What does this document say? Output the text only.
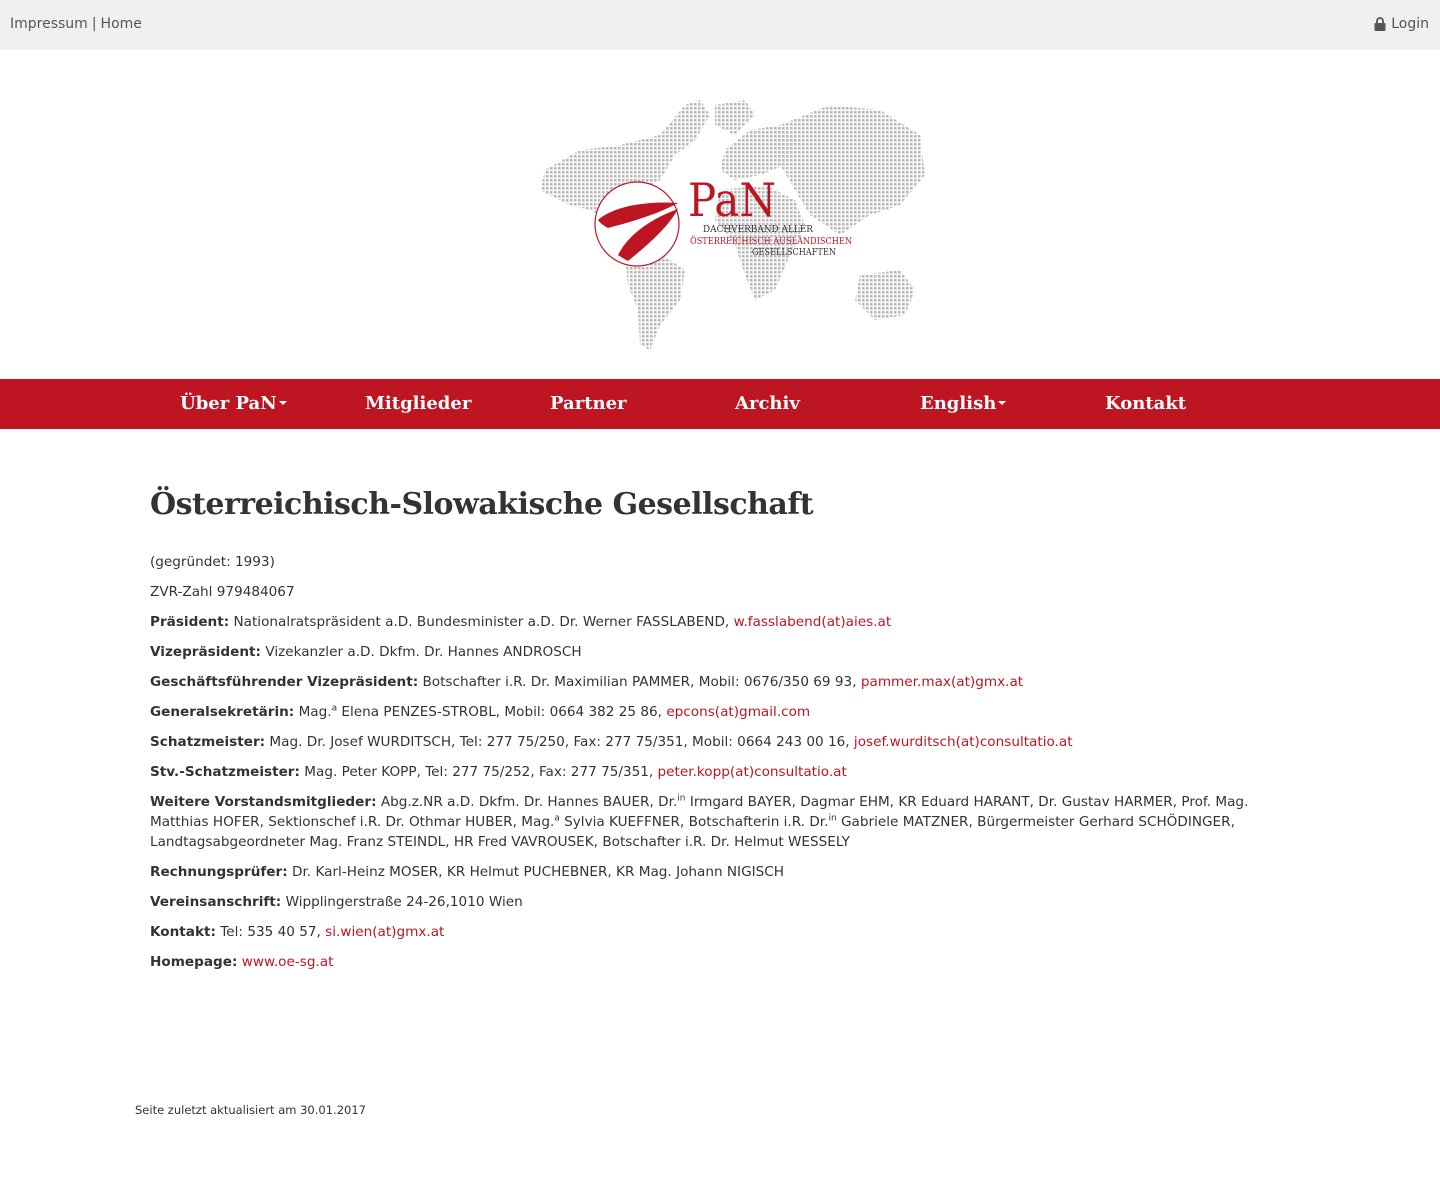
Impressum | Home	Login
PaN
DACHVERBAND ALLER
ÖSTERREICHISCH AUSLÄNDISCHEN
GESELLSCHAFTEN
Über PaN	Mitglieder	Partner	Archiv	English	Kontakt
Österreichisch-Slowakische Gesellschaft

(gegründet: 1993)

ZVR-Zahl 979484067

Präsident: Nationalratspräsident a.D. Bundesminister a.D. Dr. Werner FASSLABEND, w.fasslabend(at)aies.at

Vizepräsident: Vizekanzler a.D. Dkfm. Dr. Hannes ANDROSCH

Geschäftsführender Vizepräsident: Botschafter i.R. Dr. Maximilian PAMMER, Mobil: 0676/350 69 93, pammer.max(at)gmx.at

Generalsekretärin: Mag.$^a$ Elena PENZES-STROBL, Mobil: 0664 382 25 86, epcons(at)gmail.com

Schatzmeister: Mag. Dr. Josef WURDITSCH, Tel: 277 75/250, Fax: 277 75/351, Mobil: 0664 243 00 16, josef.wurditsch(at)consultatio.at

Stv.-Schatzmeister: Mag. Peter KOPP, Tel: 277 75/252, Fax: 277 75/351, peter.kopp(at)consultatio.at

Weitere Vorstandsmitglieder: Abg.z.NR a.D. Dkfm. Dr. Hannes BAUER, Dr.$^{in}$ Irmgard BAYER, Dagmar EHM, KR Eduard HARANT, Dr. Gustav HARMER, Prof. Mag. Matthias HOFER, Sektionschef i.R. Dr. Othmar HUBER, Mag.$^a$ Sylvia KUEFFNER, Botschafterin i.R. Dr.$^{in}$ Gabriele MATZNER, Bürgermeister Gerhard SCHÖDINGER, Landtagsabgeordneter Mag. Franz STEINDL, HR Fred VAVROUSEK, Botschafter i.R. Dr. Helmut WESSELY

Rechnungsprüfer: Dr. Karl-Heinz MOSER, KR Helmut PUCHEBNER, KR Mag. Johann NIGISCH

Vereinsanschrift: Wipplingerstraße 24-26,1010 Wien

Kontakt: Tel: 535 40 57, si.wien(at)gmx.at

Homepage: www.oe-sg.at

Seite zuletzt aktualisiert am 30.01.2017
